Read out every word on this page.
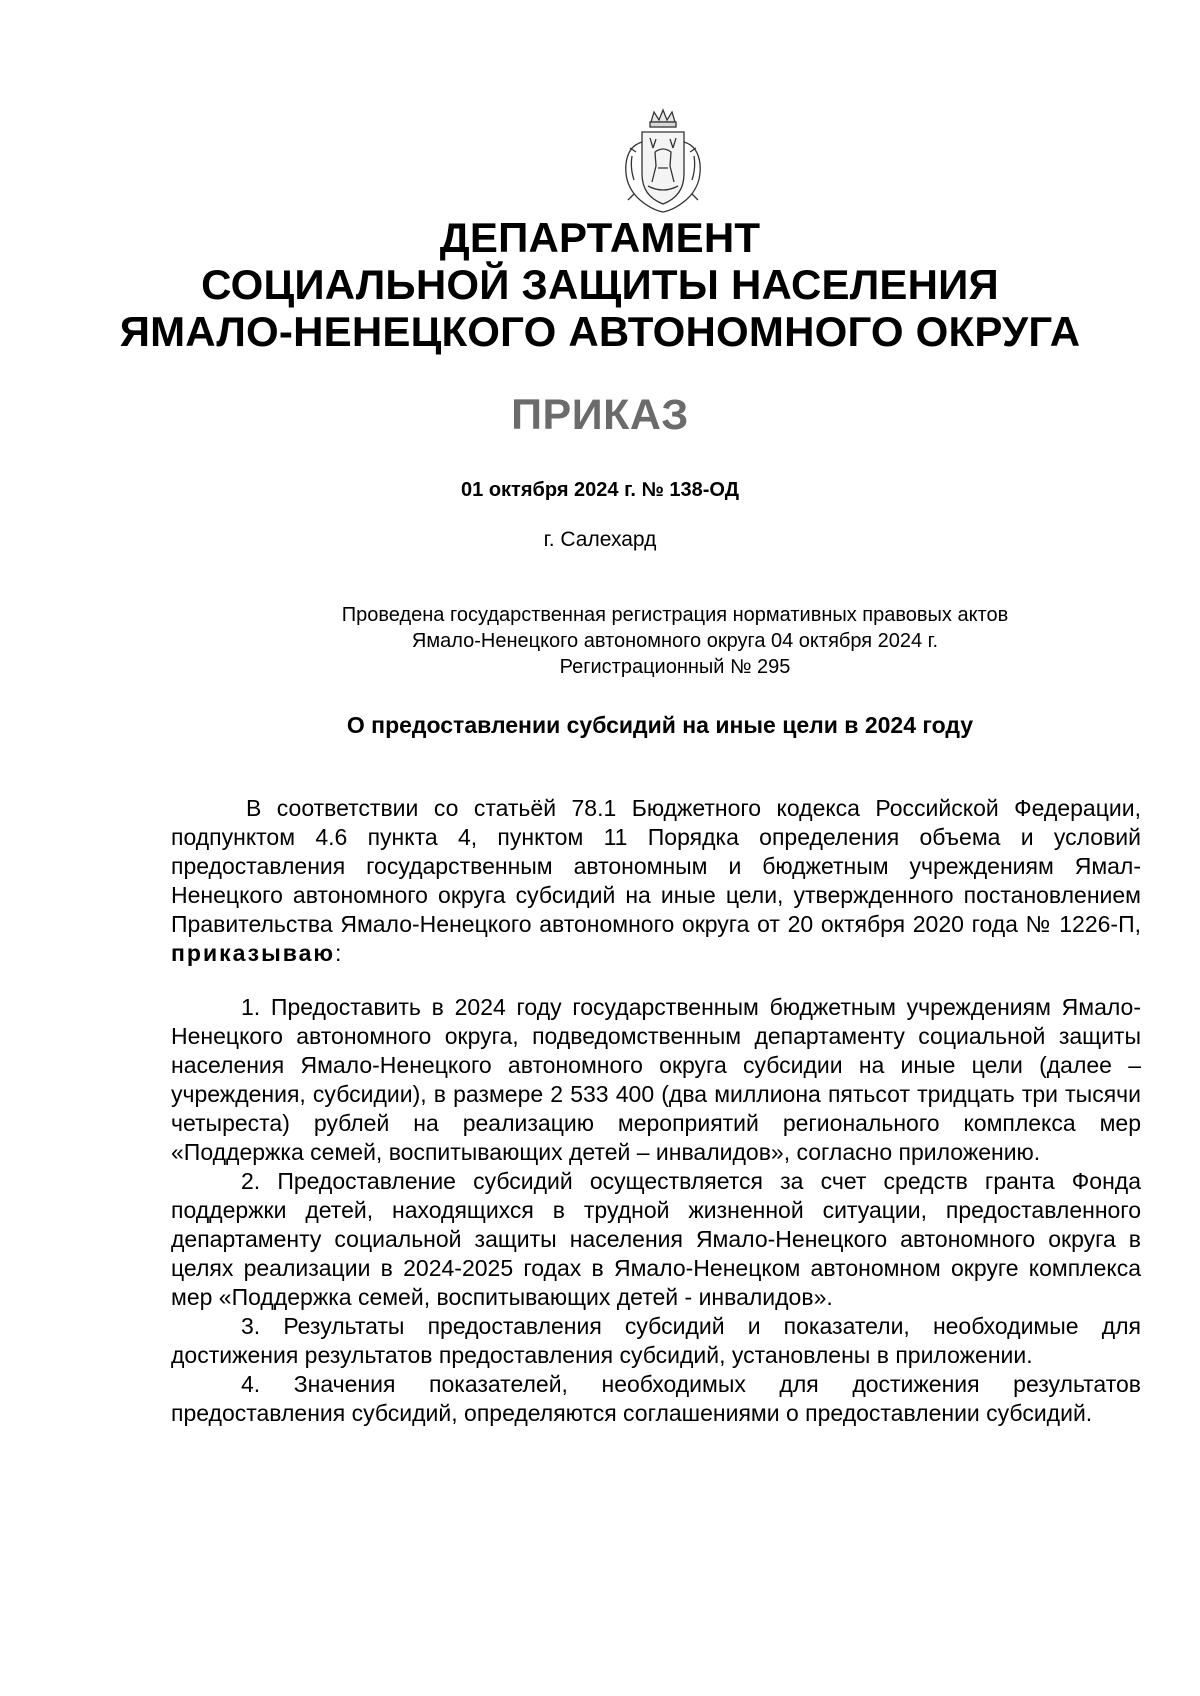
ДЕПАРТАМЕНТ
СОЦИАЛЬНОЙ ЗАЩИТЫ НАСЕЛЕНИЯ
ЯМАЛО-НЕНЕЦКОГО АВТОНОМНОГО ОКРУГА
ПРИКАЗ
01 октября 2024 г. № 138-ОД
г. Салехард
Проведена государственная регистрация нормативных правовых актов
Ямало-Ненецкого автономного округа 04 октября 2024 г.
Регистрационный № 295
О предоставлении субсидий на иные цели в 2024 году
В соответствии со статьёй 78.1 Бюджетного кодекса Российской Федерации, подпунктом 4.6 пункта 4, пунктом 11 Порядка определения объема и условий предоставления государственным автономным и бюджетным учреждениям Ямал-Ненецкого автономного округа субсидий на иные цели, утвержденного постановлением Правительства Ямало-Ненецкого автономного округа от 20 октября 2020 года № 1226-П, приказываю:

1. Предоставить в 2024 году государственным бюджетным учреждениям Ямало-Ненецкого автономного округа, подведомственным департаменту социальной защиты населения Ямало-Ненецкого автономного округа субсидии на иные цели (далее – учреждения, субсидии), в размере 2 533 400 (два миллиона пятьсот тридцать три тысячи четыреста) рублей на реализацию мероприятий регионального комплекса мер «Поддержка семей, воспитывающих детей – инвалидов», согласно приложению.

2. Предоставление субсидий осуществляется за счет средств гранта Фонда поддержки детей, находящихся в трудной жизненной ситуации, предоставленного департаменту социальной защиты населения Ямало-Ненецкого автономного округа в целях реализации в 2024-2025 годах в Ямало-Ненецком автономном округе комплекса мер «Поддержка семей, воспитывающих детей - инвалидов».

3. Результаты предоставления субсидий и показатели, необходимые для достижения результатов предоставления субсидий, установлены в приложении.

4. Значения показателей, необходимых для достижения результатов предоставления субсидий, определяются соглашениями о предоставлении субсидий.
